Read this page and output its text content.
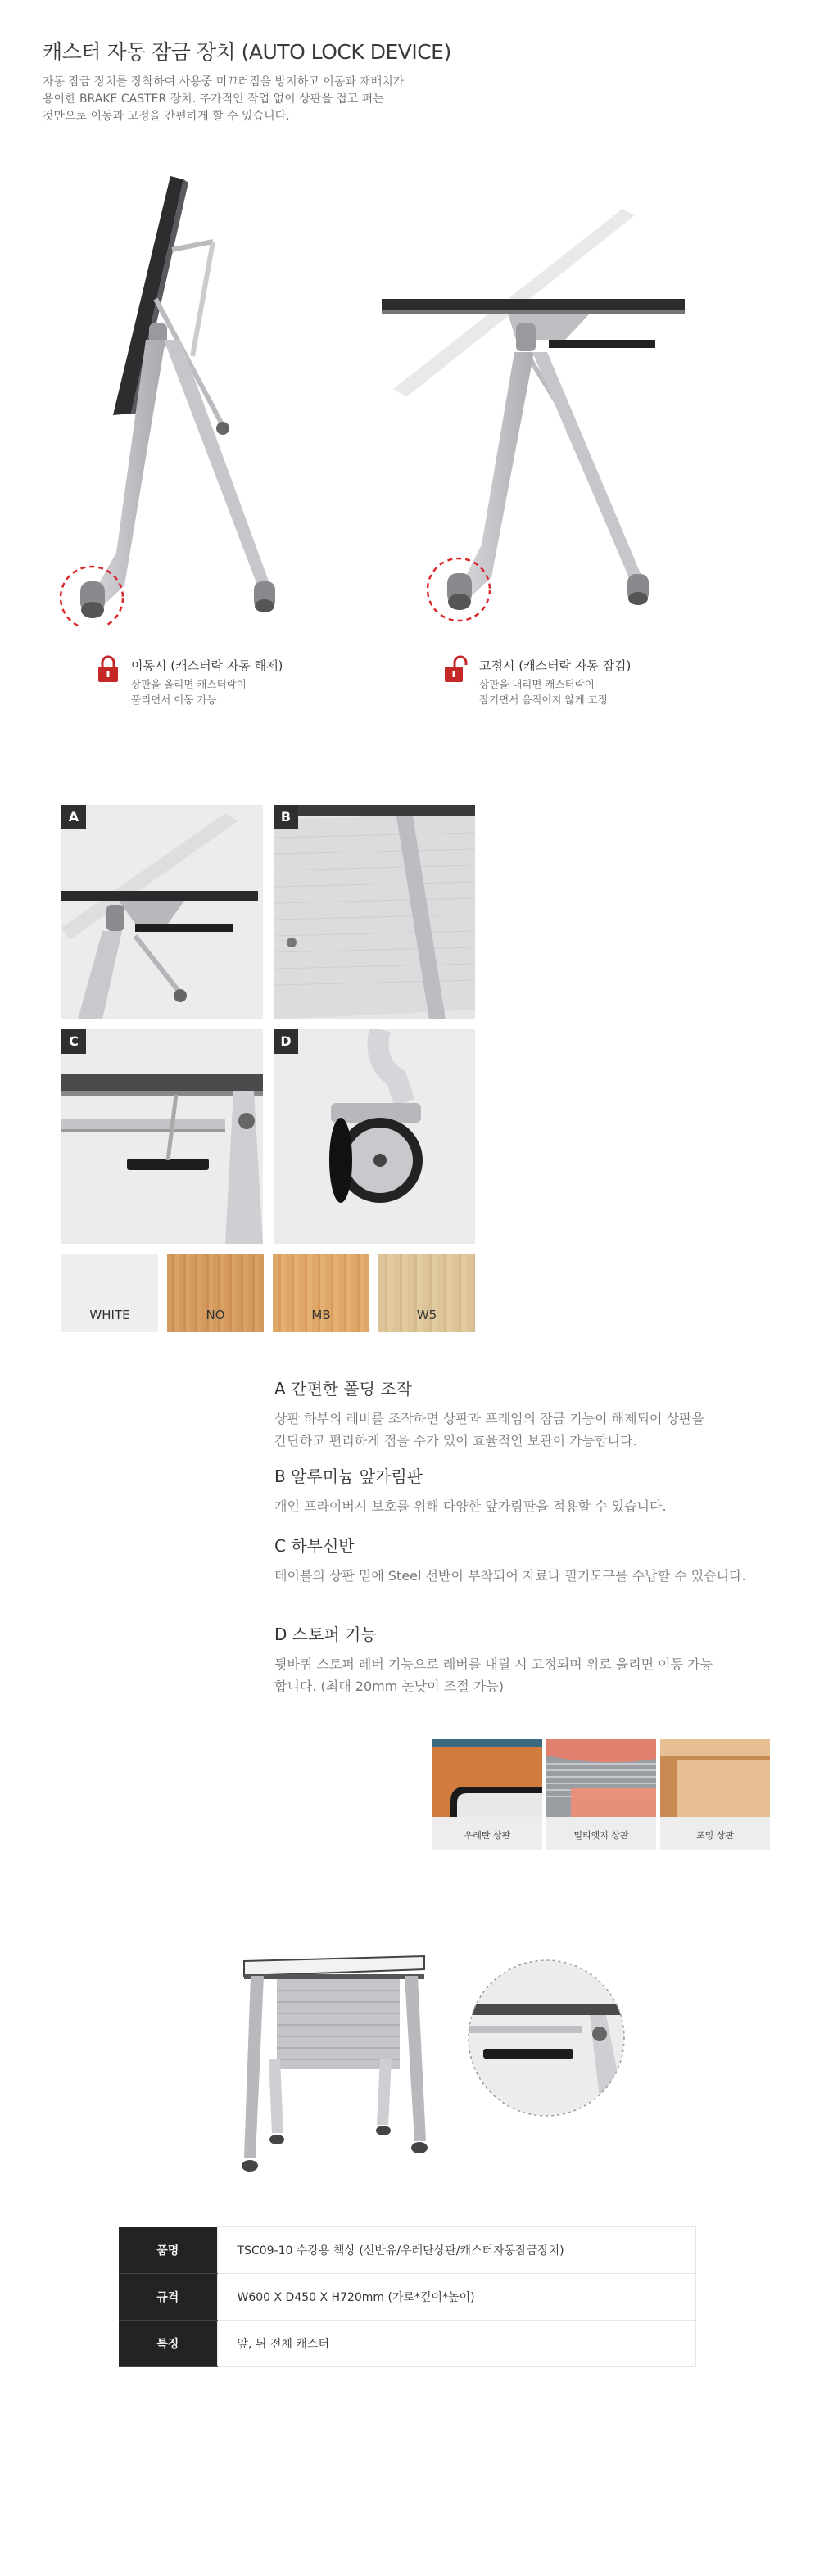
캐스터 자동 잠금 장치 (AUTO LOCK DEVICE)
자동 잠금 장치를 장착하여 사용중 미끄러짐을 방지하고 이동과 재배치가
용이한 BRAKE CASTER 장치. 추가적인 작업 없이 상판을 접고 펴는
것만으로 이동과 고정을 간편하게 할 수 있습니다.
이동시 (캐스터락 자동 해제)
상판을 올리면 캐스터락이
풀리면서 이동 가능
고정시 (캐스터락 자동 잠김)
상판을 내리면 캐스터락이
잠기면서 움직이지 않게 고정
A	B
C	D
WHITE	NO	MB	W5
A 간편한 폴딩 조작
상판 하부의 레버를 조작하면 상판과 프레임의 잠금 기능이 해제되어 상판을
간단하고 편리하게 접을 수가 있어 효율적인 보관이 가능합니다.
B 알루미늄 앞가림판
개인 프라이버시 보호를 위해 다양한 앞가림판을 적용할 수 있습니다.
C 하부선반
테이블의 상판 밑에 Steel 선반이 부착되어 자료나 필기도구를 수납할 수 있습니다.
D 스토퍼 기능
뒷바퀴 스토퍼 레버 기능으로 레버를 내릴 시 고정되며 위로 올리면 이동 가능
합니다. (최대 20mm 높낮이 조절 가능)
우레탄 상판	멀티엣지 상판	포밍 상판
품명	TSC09-10 수강용 책상 (선반유/우레탄상판/캐스터자동잠금장치)
규격	W600 X D450 X H720mm (가로*깊이*높이)
특징	앞, 뒤 전체 캐스터
